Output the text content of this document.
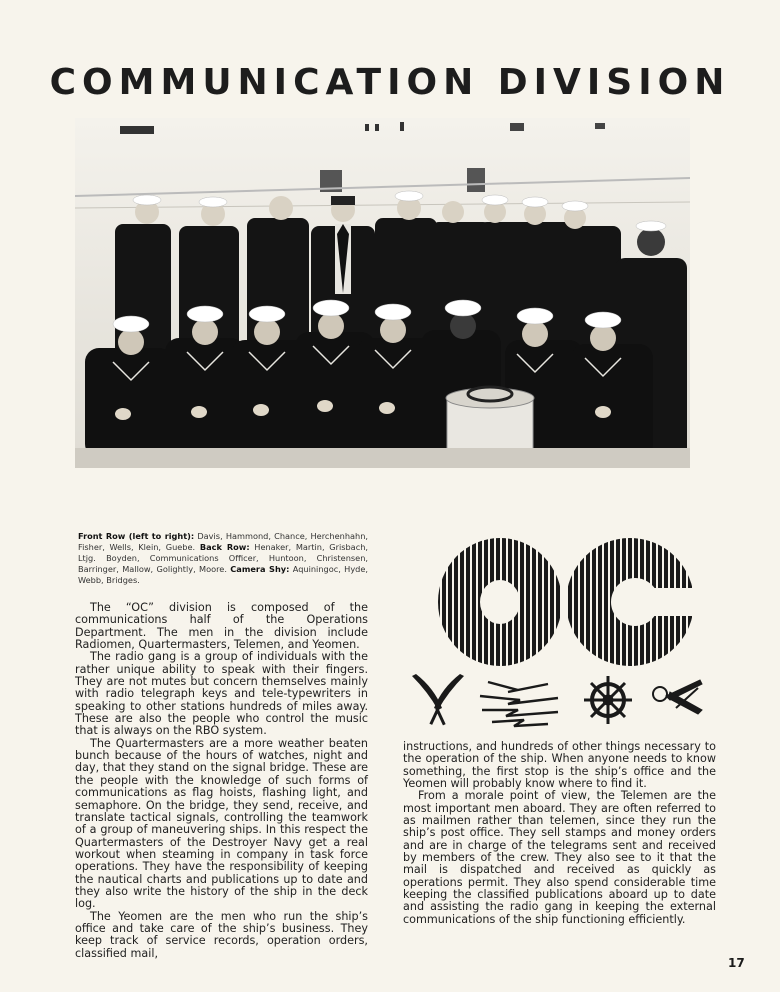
COMMUNICATION DIVISION
Front Row (left to right): Davis, Hammond, Chance, Herchenhahn, Fisher, Wells, Klein, Guebe. Back Row: Henaker, Martin, Grisbach, Ltjg. Boyden, Communications Officer, Huntoon, Christensen, Barringer, Mallow, Golightly, Moore. Camera Shy: Aquiningoc, Hyde, Webb, Bridges.

The “OC” division is composed of the communications half of the Operations Department. The men in the division include Radiomen, Quartermasters, Telemen, and Yeomen.

The radio gang is a group of individuals with the rather unique ability to speak with their fingers. They are not mutes but concern themselves mainly with radio telegraph keys and tele-typewriters in speaking to other stations hundreds of miles away. These are also the people who control the music that is always on the RBO system.

The Quartermasters are a more weather beaten bunch because of the hours of watches, night and day, that they stand on the signal bridge. These are the people with the knowledge of such forms of communications as flag hoists, flashing light, and semaphore. On the bridge, they send, receive, and translate tactical signals, controlling the teamwork of a group of maneuvering ships. In this respect the Quartermasters of the Destroyer Navy get a real workout when steaming in company in task force operations. They have the responsibility of keeping the nautical charts and publications up to date and they also write the history of the ship in the deck log.

The Yeomen are the men who run the ship’s office and take care of the ship’s business. They keep track of service records, operation orders, classified mail,

instructions, and hundreds of other things necessary to the operation of the ship. When anyone needs to know something, the first stop is the ship’s office and the Yeomen will probably know where to find it.

From a morale point of view, the Telemen are the most important men aboard. They are often referred to as mailmen rather than telemen, since they run the ship’s post office. They sell stamps and money orders and are in charge of the telegrams sent and received by members of the crew. They also see to it that the mail is dispatched and received as quickly as operations permit. They also spend considerable time keeping the classified publications aboard up to date and assisting the radio gang in keeping the external communications of the ship functioning efficiently.

17
